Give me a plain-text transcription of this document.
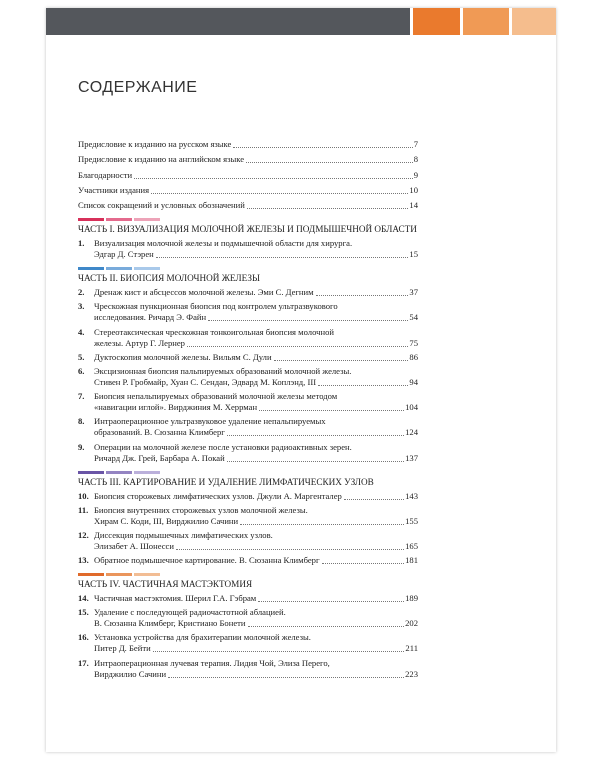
СОДЕРЖАНИЕ
Предисловие к изданию на русском языке	7
Предисловие к изданию на английском языке	8
Благодарности	9
Участники издания	10
Список сокращений и условных обозначений	14
ЧАСТЬ I. ВИЗУАЛИЗАЦИЯ МОЛОЧНОЙ ЖЕЛЕЗЫ И ПОДМЫШЕЧНОЙ ОБЛАСТИ
1.	Визуализация молочной железы и подмышечной области для хирурга.
Эдгар Д. Стэрен	15
ЧАСТЬ II. БИОПСИЯ МОЛОЧНОЙ ЖЕЛЕЗЫ
2.	Дренаж кист и абсцессов молочной железы. Эми С. Дегним	37
3.	Чрескожная пункционная биопсия под контролем ультразвукового
исследования. Ричард Э. Файн	54
4.	Стереотаксическая чрескожная тонкоигольная биопсия молочной
железы. Артур Г. Лернер	75
5.	Дуктоскопия молочной железы. Вильям С. Дули	86
6.	Эксцизионная биопсия пальпируемых образований молочной железы.
Стивен Р. Гробмайр, Хуан С. Сендан, Эдвард М. Коплэнд, III	94
7.	Биопсия непальпируемых образований молочной железы методом
«навигации иглой». Вирджиния М. Херрман	104
8.	Интраоперационное ультразвуковое удаление непальпируемых
образований. В. Сюзанна Климберг	124
9.	Операции на молочной железе после установки радиоактивных зерен.
Ричард Дж. Грей, Барбара А. Покай	137
ЧАСТЬ III. КАРТИРОВАНИЕ И УДАЛЕНИЕ ЛИМФАТИЧЕСКИХ УЗЛОВ
10. Биопсия сторожевых лимфатических узлов. Джули А. Маргенталер	143
11. Биопсия внутренних сторожевых узлов молочной железы.
Хирам С. Коди, III, Вирджилио Сачини	155
12. Диссекция подмышечных лимфатических узлов.
Элизабет А. Шонесси	165
13. Обратное подмышечное картирование. В. Сюзанна Климберг	181
ЧАСТЬ IV. ЧАСТИЧНАЯ МАСТЭКТОМИЯ
14. Частичная мастэктомия. Шерил Г.А. Гэбрам	189
15. Удаление с последующей радиочастотной аблацией.
В. Сюзанна Климберг, Кристиано Бонети	202
16. Установка устройства для брахитерапии молочной железы.
Питер Д. Бейти	211
17. Интраоперационная лучевая терапия. Лидия Чой, Элиза Перего,
Вирджилио Сачини	223
